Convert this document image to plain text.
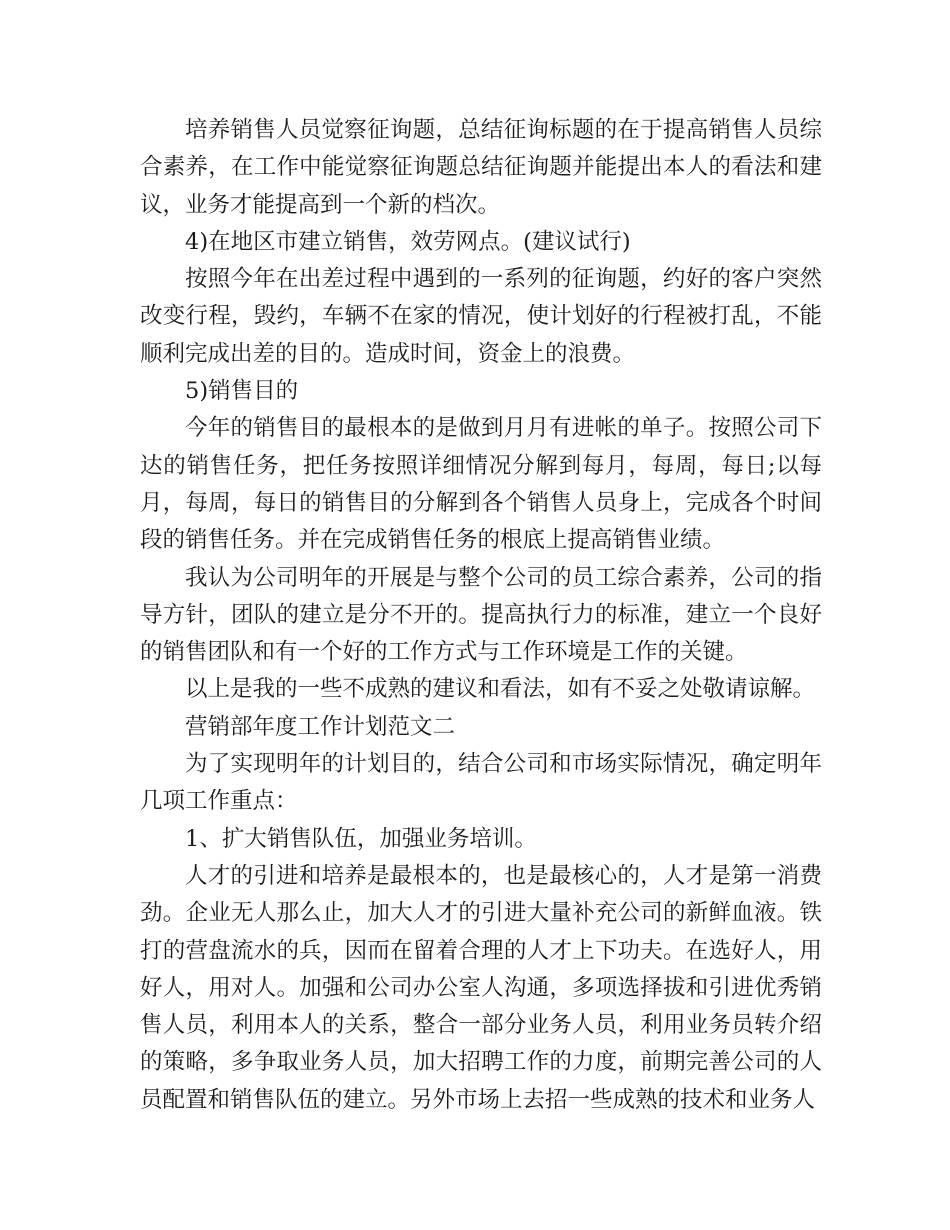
培养销售人员觉察征询题，总结征询标题的在于提高销售人员综合素养，在工作中能觉察征询题总结征询题并能提出本人的看法和建议，业务才能提高到一个新的档次。

4)在地区市建立销售，效劳网点。(建议试行)

按照今年在出差过程中遇到的一系列的征询题，约好的客户突然改变行程，毁约，车辆不在家的情况，使计划好的行程被打乱，不能顺利完成出差的目的。造成时间，资金上的浪费。

5)销售目的

今年的销售目的最根本的是做到月月有进帐的单子。按照公司下达的销售任务，把任务按照详细情况分解到每月，每周，每日;以每月，每周，每日的销售目的分解到各个销售人员身上，完成各个时间段的销售任务。并在完成销售任务的根底上提高销售业绩。

我认为公司明年的开展是与整个公司的员工综合素养，公司的指导方针，团队的建立是分不开的。提高执行力的标准，建立一个良好的销售团队和有一个好的工作方式与工作环境是工作的关键。

以上是我的一些不成熟的建议和看法，如有不妥之处敬请谅解。

营销部年度工作计划范文二

为了实现明年的计划目的，结合公司和市场实际情况，确定明年几项工作重点：

1、扩大销售队伍，加强业务培训。

人才的引进和培养是最根本的，也是最核心的，人才是第一消费劲。企业无人那么止，加大人才的引进大量补充公司的新鲜血液。铁打的营盘流水的兵，因而在留着合理的人才上下功夫。在选好人，用好人，用对人。加强和公司办公室人沟通，多项选择拔和引进优秀销售人员，利用本人的关系，整合一部分业务人员，利用业务员转介绍的策略，多争取业务人员，加大招聘工作的力度，前期完善公司的人员配置和销售队伍的建立。另外市场上去招一些成熟的技术和业务人
